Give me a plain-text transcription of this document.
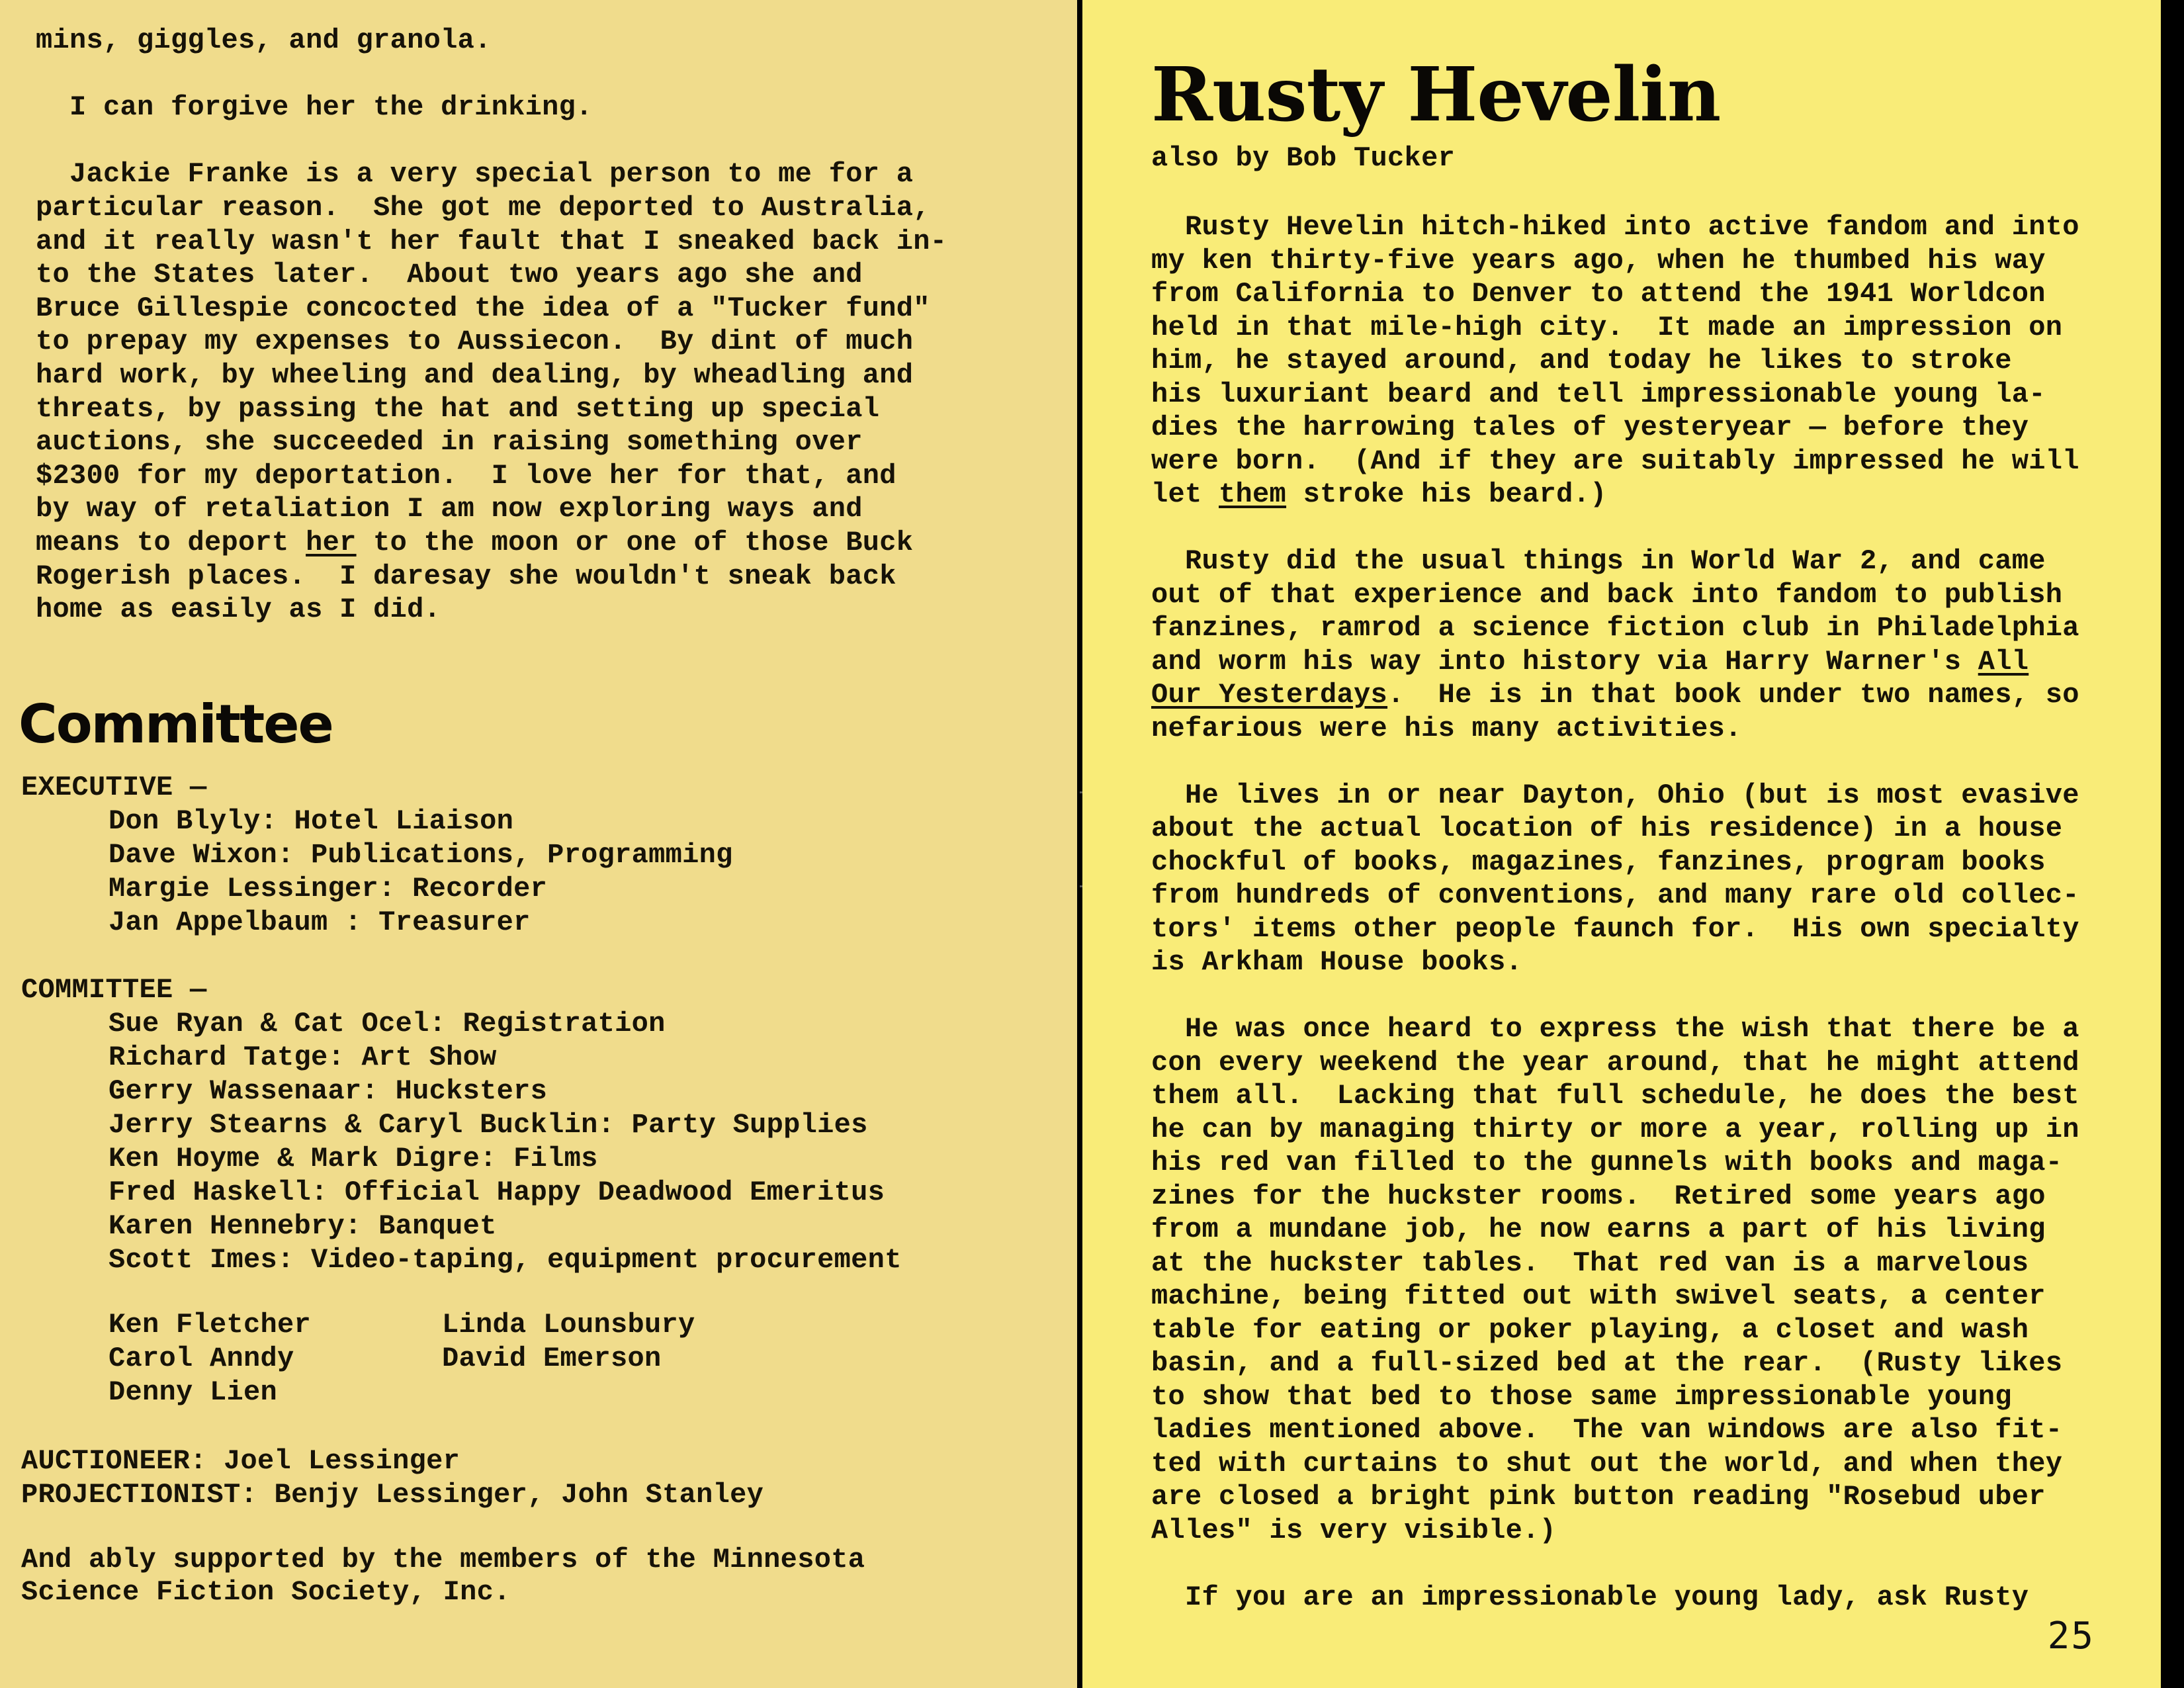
mins, giggles, and granola.

I can forgive her the drinking.

Jackie Franke is a very special person to me for a
particular reason.  She got me deported to Australia,
and it really wasn't her fault that I sneaked back in-
to the States later.  About two years ago she and
Bruce Gillespie concocted the idea of a "Tucker fund"
to prepay my expenses to Aussiecon.  By dint of much
hard work, by wheeling and dealing, by wheadling and
threats, by passing the hat and setting up special
auctions, she succeeded in raising something over
$2300 for my deportation.  I love her for that, and
by way of retaliation I am now exploring ways and
means to deport her to the moon or one of those Buck
Rogerish places.  I daresay she wouldn't sneak back
home as easily as I did.
Committee
EXECUTIVE —
Don Blyly: Hotel Liaison
Dave Wixon: Publications, Programming
Margie Lessinger: Recorder
Jan Appelbaum : Treasurer
COMMITTEE —
Sue Ryan & Cat Ocel: Registration
Richard Tatge: Art Show
Gerry Wassenaar: Hucksters
Jerry Stearns & Caryl Bucklin: Party Supplies
Ken Hoyme & Mark Digre: Films
Fred Haskell: Official Happy Deadwood Emeritus
Karen Hennebry: Banquet
Scott Imes: Video-taping, equipment procurement
Ken Fletcher
Carol Anndy
Denny Lien
Linda Lounsbury
David Emerson
AUCTIONEER: Joel Lessinger
PROJECTIONIST: Benjy Lessinger, John Stanley
And ably supported by the members of the Minnesota
Science Fiction Society, Inc.
Rusty Hevelin
also by Bob Tucker
Rusty Hevelin hitch-hiked into active fandom and into
my ken thirty-five years ago, when he thumbed his way
from California to Denver to attend the 1941 Worldcon
held in that mile-high city.  It made an impression on
him, he stayed around, and today he likes to stroke
his luxuriant beard and tell impressionable young la-
dies the harrowing tales of yesteryear — before they
were born.  (And if they are suitably impressed he will
let them stroke his beard.)
Rusty did the usual things in World War 2, and came
out of that experience and back into fandom to publish
fanzines, ramrod a science fiction club in Philadelphia
and worm his way into history via Harry Warner's All
Our Yesterdays.  He is in that book under two names, so
nefarious were his many activities.
He lives in or near Dayton, Ohio (but is most evasive
about the actual location of his residence) in a house
chockful of books, magazines, fanzines, program books
from hundreds of conventions, and many rare old collec-
tors' items other people faunch for.  His own specialty
is Arkham House books.
He was once heard to express the wish that there be a
con every weekend the year around, that he might attend
them all.  Lacking that full schedule, he does the best
he can by managing thirty or more a year, rolling up in
his red van filled to the gunnels with books and maga-
zines for the huckster rooms.  Retired some years ago
from a mundane job, he now earns a part of his living
at the huckster tables.  That red van is a marvelous
machine, being fitted out with swivel seats, a center
table for eating or poker playing, a closet and wash
basin, and a full-sized bed at the rear.  (Rusty likes
to show that bed to those same impressionable young
ladies mentioned above.  The van windows are also fit-
ted with curtains to shut out the world, and when they
are closed a bright pink button reading "Rosebud uber
Alles" is very visible.)
If you are an impressionable young lady, ask Rusty
25
